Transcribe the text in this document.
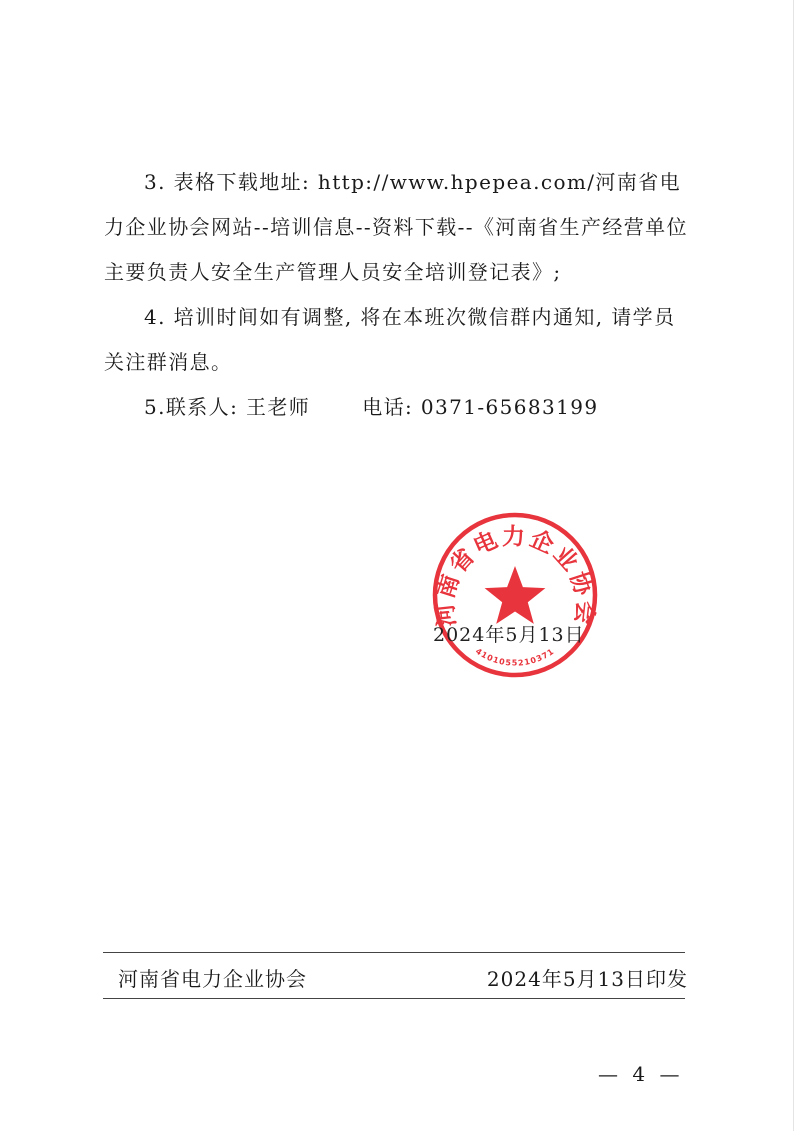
3. 表格下载地址: http://www.hpepea.com/河南省电力企业协会网站--培训信息--资料下载--《河南省生产经营单位主要负责人安全生产管理人员安全培训登记表》;

4. 培训时间如有调整, 将在本班次微信群内通知, 请学员关注群消息。

5.联系人: 王老师	电话: 0371-65683199

河南省电力企业协会
4101055210371
2024年5月13日
河南省电力企业协会	2024年5月13日印发
— 4 —
